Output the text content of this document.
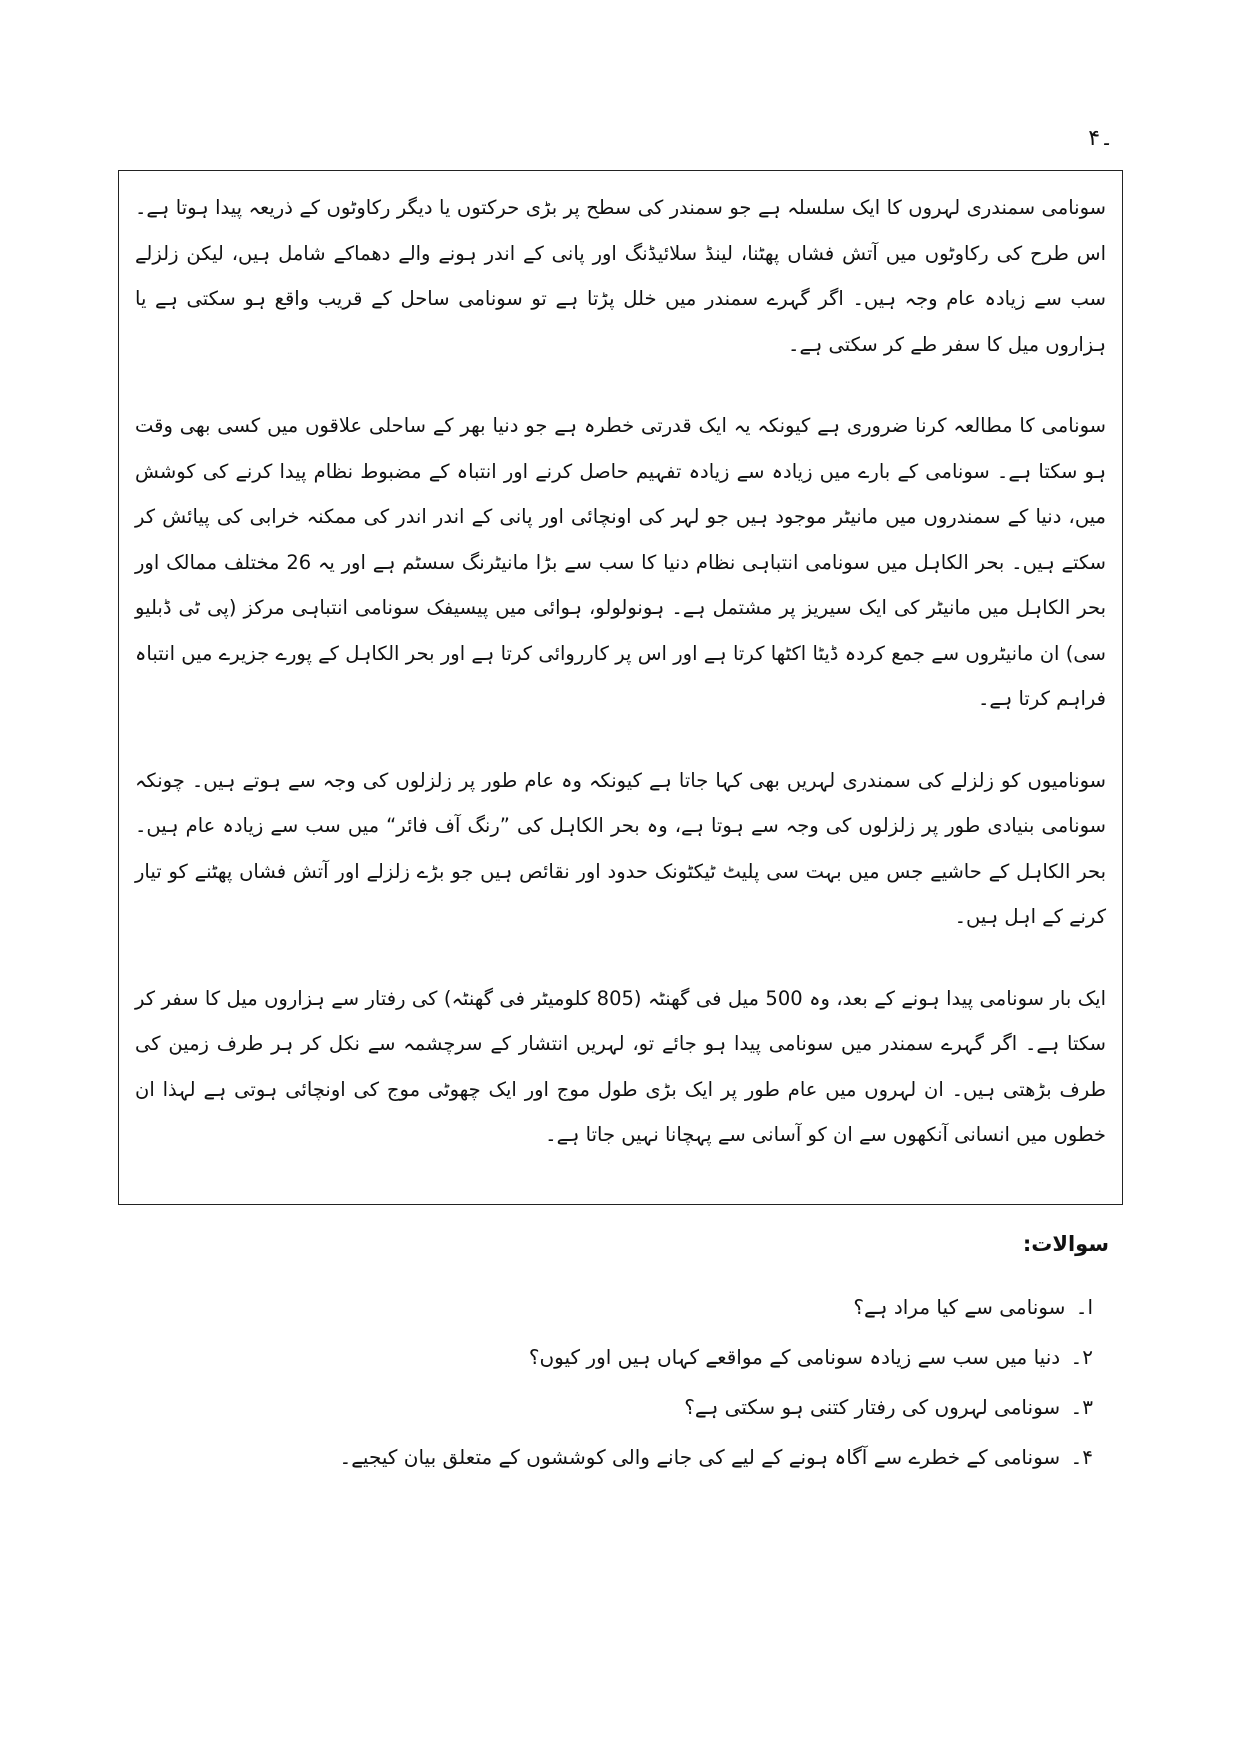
۔۴

سونامی سمندری لہروں کا ایک سلسلہ ہے جو سمندر کی سطح پر بڑی حرکتوں یا دیگر رکاوٹوں کے ذریعہ پیدا ہوتا ہے۔ اس طرح کی رکاوٹوں میں آتش فشاں پھٹنا، لینڈ سلائیڈنگ اور پانی کے اندر ہونے والے دھماکے شامل ہیں، لیکن زلزلے سب سے زیادہ عام وجہ ہیں۔ اگر گہرے سمندر میں خلل پڑتا ہے تو سونامی ساحل کے قریب واقع ہو سکتی ہے یا ہزاروں میل کا سفر طے کر سکتی ہے۔

سونامی کا مطالعہ کرنا ضروری ہے کیونکہ یہ ایک قدرتی خطرہ ہے جو دنیا بھر کے ساحلی علاقوں میں کسی بھی وقت ہو سکتا ہے۔ سونامی کے بارے میں زیادہ سے زیادہ تفہیم حاصل کرنے اور انتباہ کے مضبوط نظام پیدا کرنے کی کوشش میں، دنیا کے سمندروں میں مانیٹر موجود ہیں جو لہر کی اونچائی اور پانی کے اندر اندر کی ممکنہ خرابی کی پیائش کر سکتے ہیں۔ بحر الکاہل میں سونامی انتباہی نظام دنیا کا سب سے بڑا مانیٹرنگ سسٹم ہے اور یہ 26 مختلف ممالک اور بحر الکاہل میں مانیٹر کی ایک سیریز پر مشتمل ہے۔ ہونولولو، ہوائی میں پیسیفک سونامی انتباہی مرکز (پی ٹی ڈبلیو سی) ان مانیٹروں سے جمع کردہ ڈیٹا اکٹھا کرتا ہے اور اس پر کارروائی کرتا ہے اور بحر الکاہل کے پورے جزیرے میں انتباہ فراہم کرتا ہے۔

سونامیوں کو زلزلے کی سمندری لہریں بھی کہا جاتا ہے کیونکہ وہ عام طور پر زلزلوں کی وجہ سے ہوتے ہیں۔ چونکہ سونامی بنیادی طور پر زلزلوں کی وجہ سے ہوتا ہے، وہ بحر الکاہل کی ”رنگ آف فائر“ میں سب سے زیادہ عام ہیں۔ بحر الکاہل کے حاشیے جس میں بہت سی پلیٹ ٹیکٹونک حدود اور نقائص ہیں جو بڑے زلزلے اور آتش فشاں پھٹنے کو تیار کرنے کے اہل ہیں۔

ایک بار سونامی پیدا ہونے کے بعد، وہ 500 میل فی گھنٹہ (805 کلومیٹر فی گھنٹہ) کی رفتار سے ہزاروں میل کا سفر کر سکتا ہے۔ اگر گہرے سمندر میں سونامی پیدا ہو جائے تو، لہریں انتشار کے سرچشمہ سے نکل کر ہر طرف زمین کی طرف بڑھتی ہیں۔ ان لہروں میں عام طور پر ایک بڑی طول موج اور ایک چھوٹی موج کی اونچائی ہوتی ہے لہذا ان خطوں میں انسانی آنکھوں سے ان کو آسانی سے پہچانا نہیں جاتا ہے۔

سوالات:
ا۔ سونامی سے کیا مراد ہے؟
۲۔ دنیا میں سب سے زیادہ سونامی کے مواقعے کہاں ہیں اور کیوں؟
۳۔ سونامی لہروں کی رفتار کتنی ہو سکتی ہے؟
۴۔ سونامی کے خطرے سے آگاہ ہونے کے لیے کی جانے والی کوششوں کے متعلق بیان کیجیے۔
